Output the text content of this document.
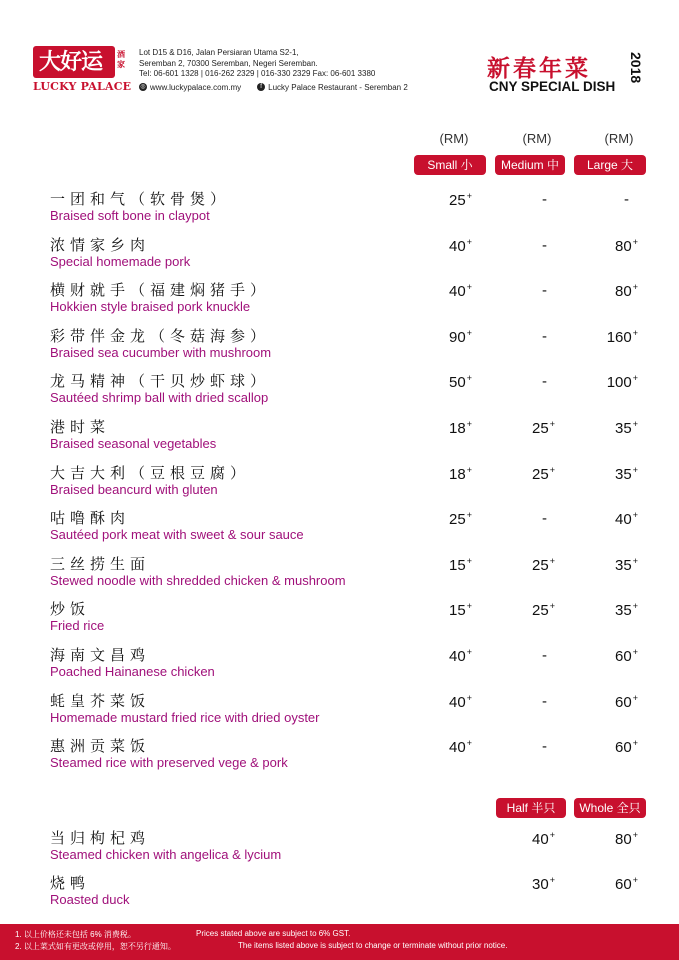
大好运	酒家
LUCKY PALACE
Lot D15 & D16, Jalan Persiaran Utama S2-1,
Seremban 2, 70300 Seremban, Negeri Seremban.
Tel: 06-601 1328 | 016-262 2329 | 016-330 2329 Fax: 06-601 3380
◎ www.luckypalace.com.my	f Lucky Palace Restaurant - Seremban 2
新春年菜	2018
CNY SPECIAL DISH
(RM)	(RM)	(RM)
Small 小	Medium 中	Large 大
一团和气（软骨煲）
Braised soft bone in claypot
25+	-	-
浓情家乡肉
Special homemade pork
40+	-	80+
横财就手（福建焖猪手）
Hokkien style braised pork knuckle
40+	-	80+
彩带伴金龙（冬菇海参）
Braised sea cucumber with mushroom
90+	-	160+
龙马精神（干贝炒虾球）
Sautéed shrimp ball with dried scallop
50+	-	100+
港时菜
Braised seasonal vegetables
18+	25+	35+
大吉大利（豆根豆腐）
Braised beancurd with gluten
18+	25+	35+
咕噜酥肉
Sautéed pork meat with sweet & sour sauce
25+	-	40+
三丝捞生面
Stewed noodle with shredded chicken & mushroom
15+	25+	35+
炒饭
Fried rice
15+	25+	35+
海南文昌鸡
Poached Hainanese chicken
40+	-	60+
蚝皇芥菜饭
Homemade mustard fried rice with dried oyster
40+	-	60+
惠洲贡菜饭
Steamed rice with preserved vege & pork
40+	-	60+
Half 半只	Whole 全只
当归枸杞鸡
Steamed chicken with angelica & lycium
40+	80+
烧鸭
Roasted duck
30+	60+
1. 以上价格还未包括 6% 消费税。	Prices stated above are subject to 6% GST.
2. 以上菜式如有更改或停用，恕不另行通知。	The items listed above is subject to change or terminate without prior notice.
